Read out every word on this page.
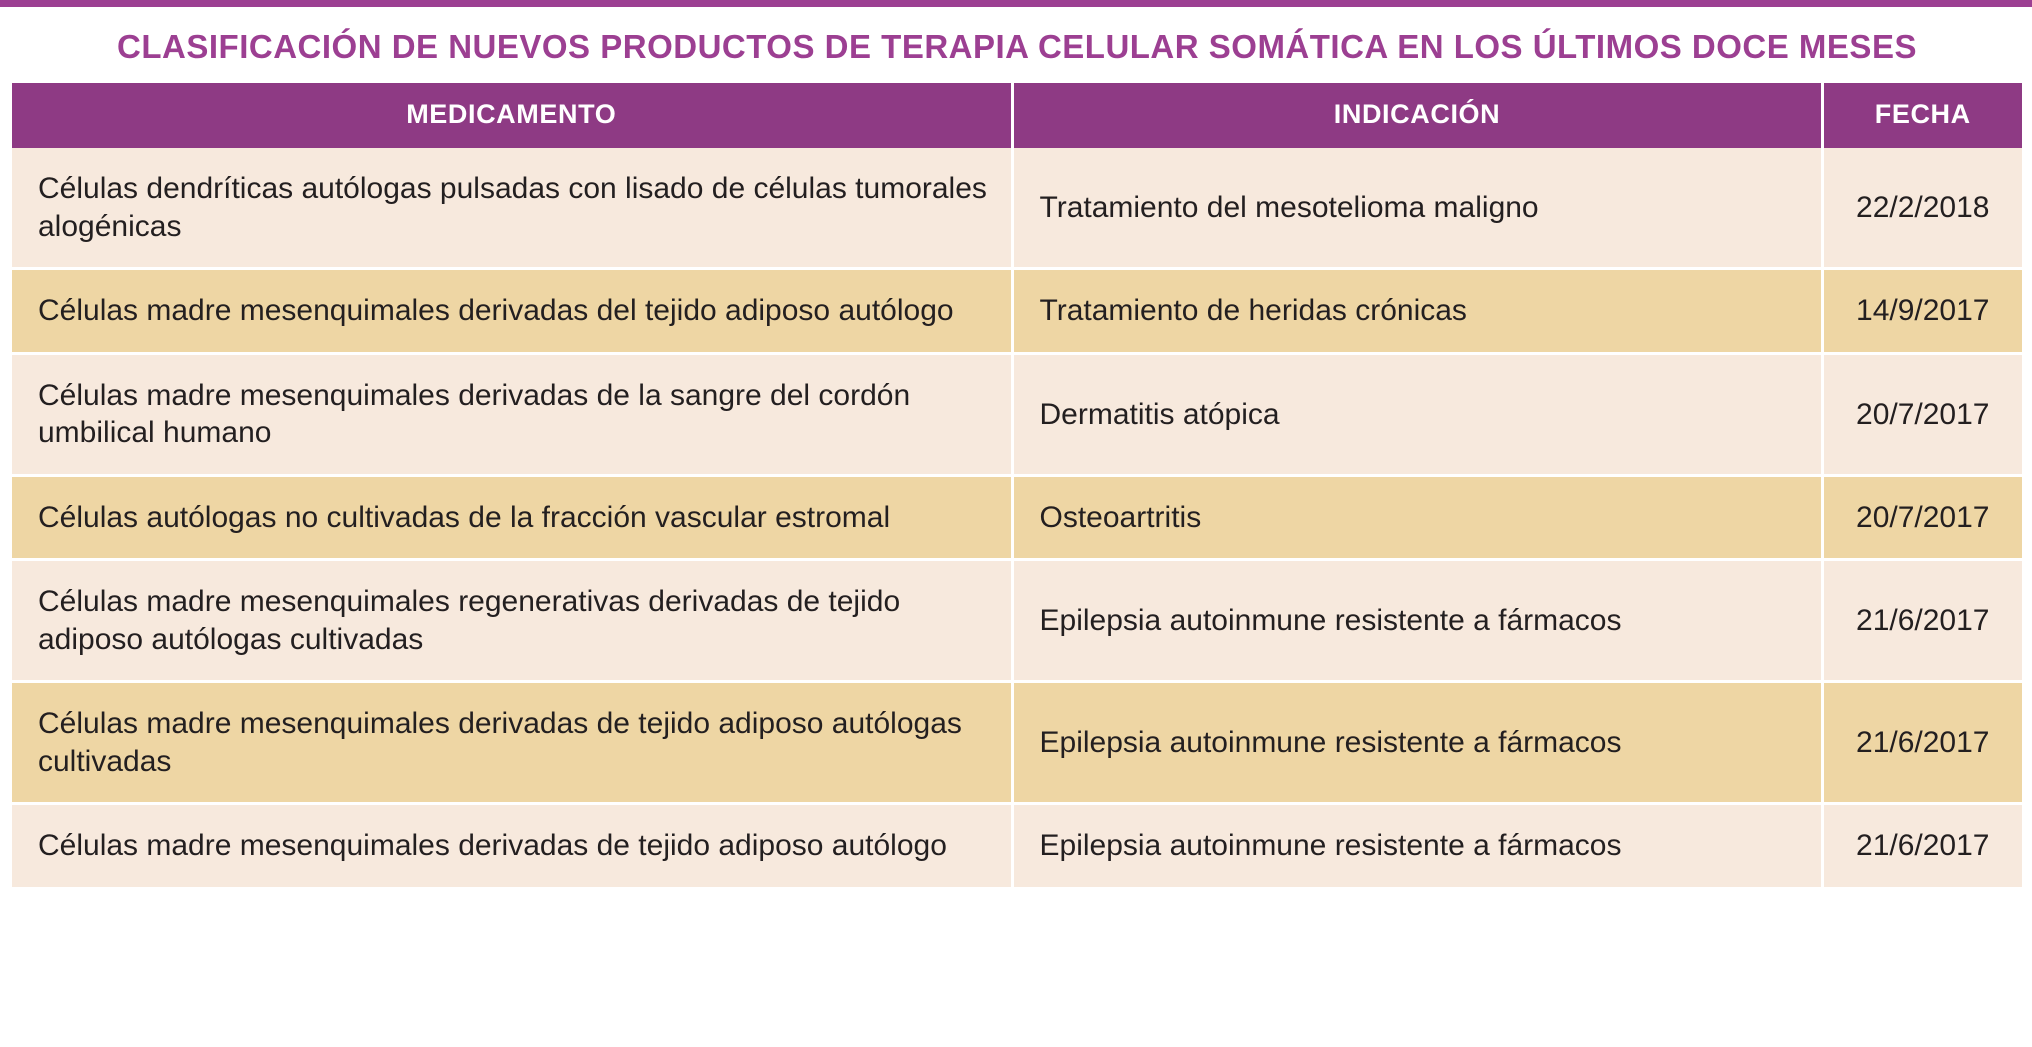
CLASIFICACIÓN DE NUEVOS PRODUCTOS DE TERAPIA CELULAR SOMÁTICA EN LOS ÚLTIMOS DOCE MESES		
MEDICAMENTO	INDICACIÓN	FECHA
Células dendríticas autólogas pulsadas con lisado de células tumorales alogénicas	Tratamiento del mesotelioma maligno	22/2/2018
Células madre mesenquimales derivadas del tejido adiposo autólogo	Tratamiento de heridas crónicas	14/9/2017
Células madre mesenquimales derivadas de la sangre del cordón umbilical humano	Dermatitis atópica	20/7/2017
Células autólogas no cultivadas de la fracción vascular estromal	Osteoartritis	20/7/2017
Células madre mesenquimales regenerativas derivadas de tejido adiposo autólogas cultivadas	Epilepsia autoinmune resistente a fármacos	21/6/2017
Células madre mesenquimales derivadas de tejido adiposo autólogas cultivadas	Epilepsia autoinmune resistente a fármacos	21/6/2017
Células madre mesenquimales derivadas de tejido adiposo autólogo	Epilepsia autoinmune resistente a fármacos	21/6/2017
